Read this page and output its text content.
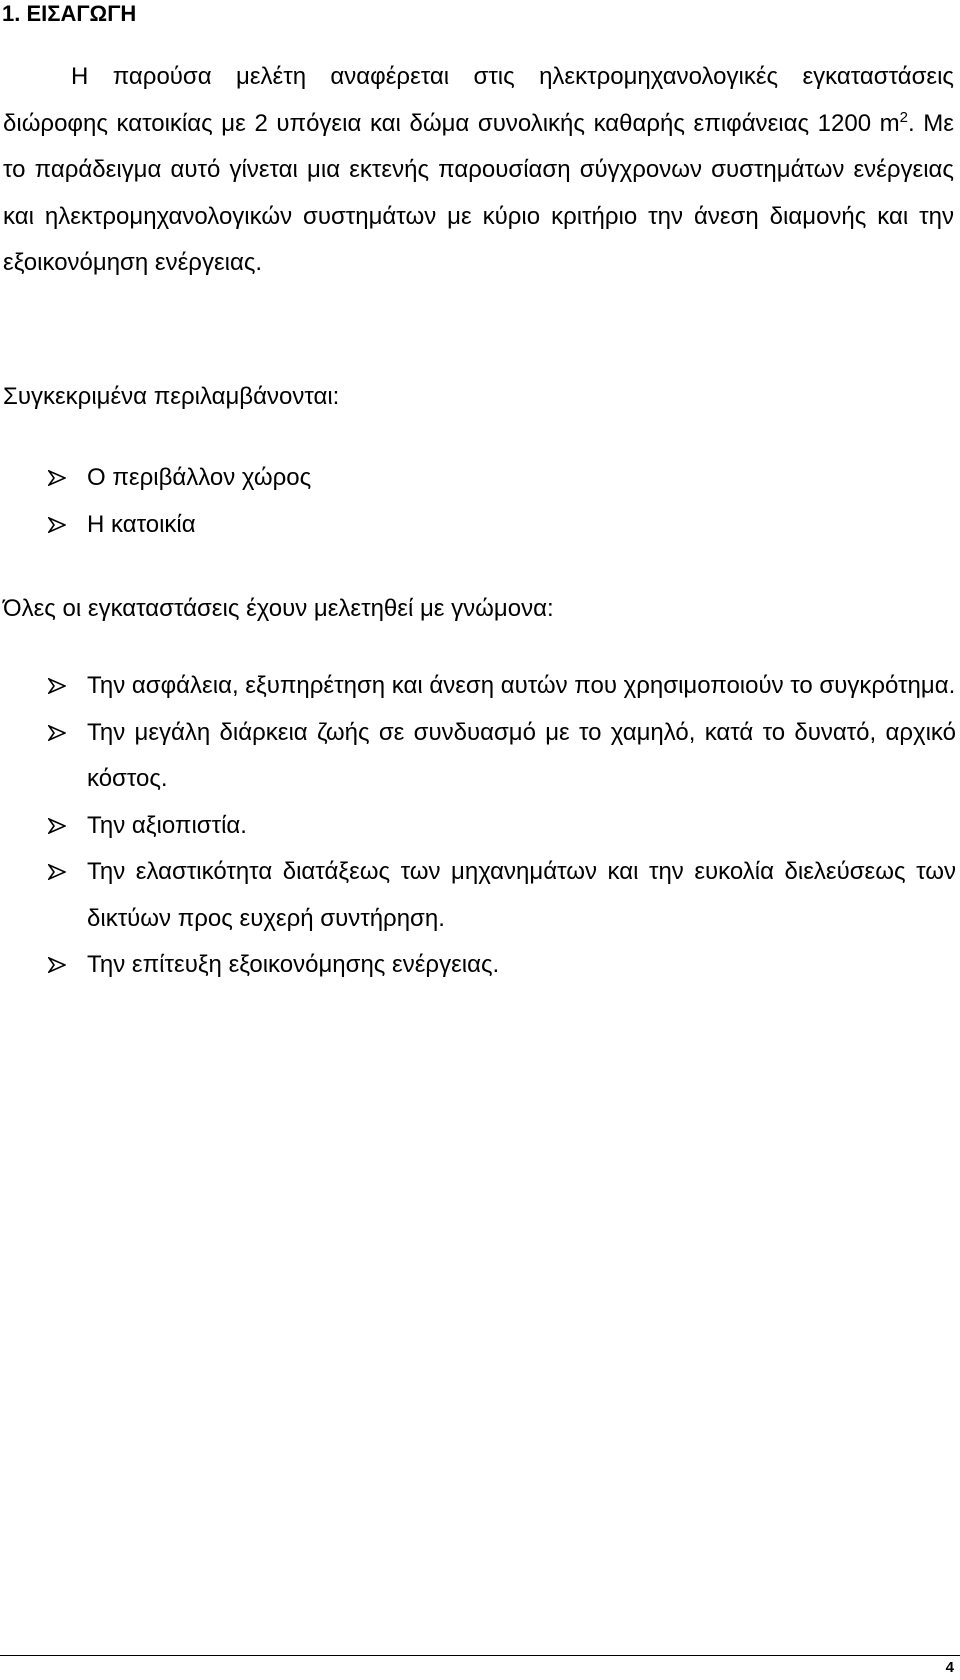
1. ΕΙΣΑΓΩΓΗ

Η παρούσα μελέτη αναφέρεται στις ηλεκτρομηχανολογικές εγκαταστάσεις διώροφης κατοικίας με 2 υπόγεια και δώμα συνολικής καθαρής επιφάνειας 1200 $m^2$. Με το παράδειγμα αυτό γίνεται μια εκτενής παρουσίαση σύγχρονων συστημάτων ενέργειας και ηλεκτρομηχανολογικών συστημάτων με κύριο κριτήριο την άνεση διαμονής και την εξοικονόμηση ενέργειας.

Συγκεκριμένα περιλαμβάνονται:

Ο περιβάλλον χώρος
Η κατοικία

Όλες οι εγκαταστάσεις έχουν μελετηθεί με γνώμονα:

Την ασφάλεια, εξυπηρέτηση και άνεση αυτών που χρησιμοποιούν το συγκρότημα.
Την μεγάλη διάρκεια ζωής σε συνδυασμό με το χαμηλό, κατά το δυνατό, αρχικό κόστος.
Την αξιοπιστία.
Την ελαστικότητα διατάξεως των μηχανημάτων και την ευκολία διελεύσεως των δικτύων προς ευχερή συντήρηση.
Την επίτευξη εξοικονόμησης ενέργειας.
4
